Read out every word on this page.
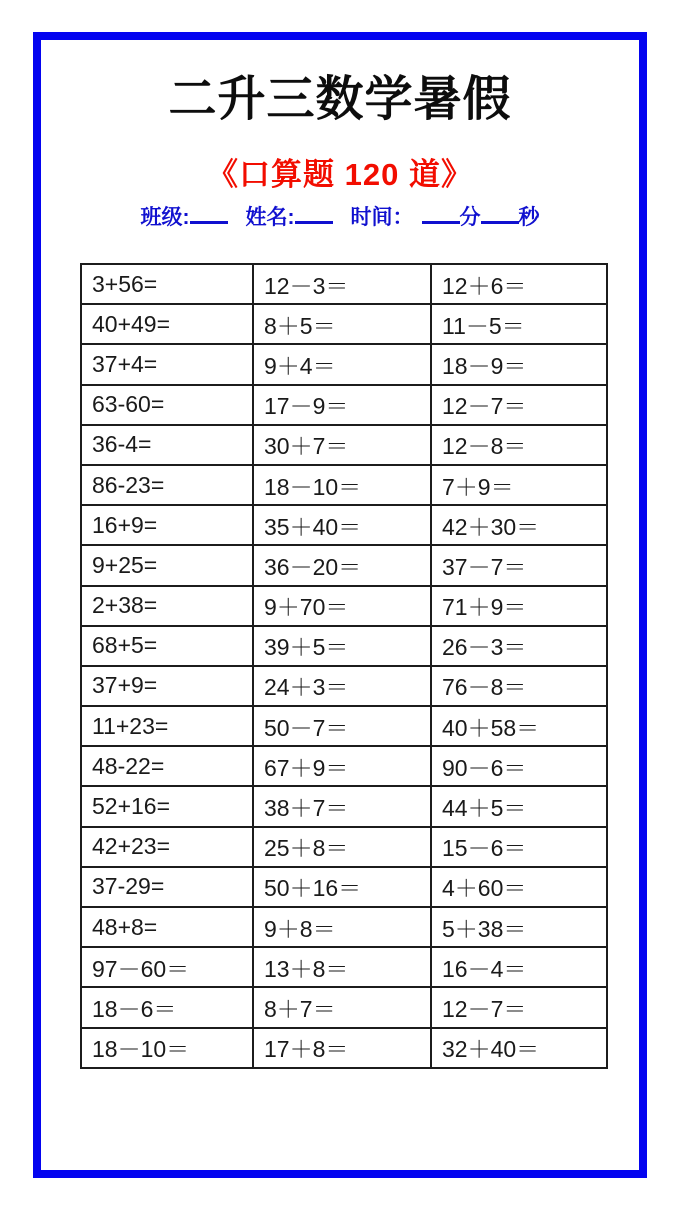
二升三数学暑假
《口算题 120 道》
班级:	姓名:	时间： 分 秒
3+56=	12－3＝	12＋6＝
40+49=	8＋5＝	11－5＝
37+4=	9＋4＝	18－9＝
63-60=	17－9＝	12－7＝
36-4=	30＋7＝	12－8＝
86-23=	18－10＝	7＋9＝
16+9=	35＋40＝	42＋30＝
9+25=	36－20＝	37－7＝
2+38=	9＋70＝	71＋9＝
68+5=	39＋5＝	26－3＝
37+9=	24＋3＝	76－8＝
11+23=	50－7＝	40＋58＝
48-22=	67＋9＝	90－6＝
52+16=	38＋7＝	44＋5＝
42+23=	25＋8＝	15－6＝
37-29=	50＋16＝	4＋60＝
48+8=	9＋8＝	5＋38＝
97－60＝	13＋8＝	16－4＝
18－6＝	8＋7＝	12－7＝
18－10＝	17＋8＝	32＋40＝
